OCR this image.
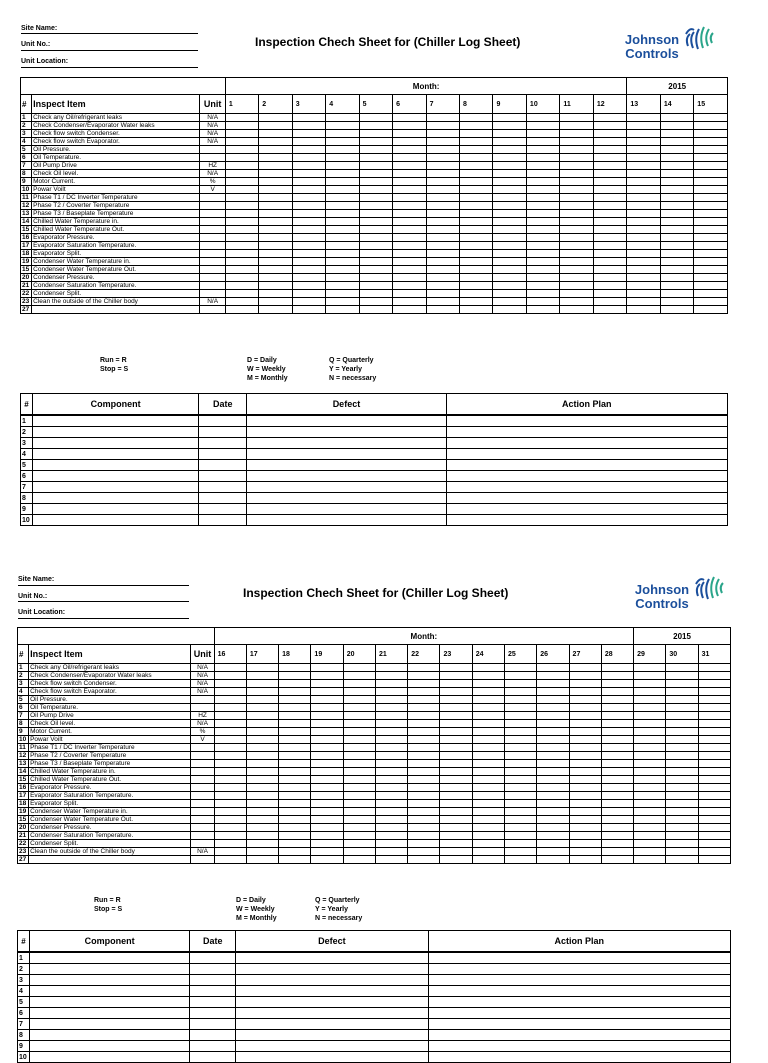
Site Name:
Unit No.:
Unit Location:
Inspection Chech Sheet for (Chiller Log Sheet)	Johnson
Controls
			Month:												2015		
#	Inspect Item	Unit	1	2	3	4	5	6	7	8	9	10	11	12	13	14	15
1	Check any Oil/refrigerant leaks	N/A															
2	Check Condenser/Evaporator Water leaks	N/A															
3	Check flow switch Condenser.	N/A															
4	Check flow switch Evaporator.	N/A															
5	Oil Pressure.																
6	Oil Temperature.																
7	Oil Pump Drive	HZ															
8	Check Oil level.	N/A															
9	Motor Current.	%															
10	Powar Voilt	V															
11	Phase T1 / DC Inverter Temperature																
12	Phase T2 / Coverter Temperature																
13	Phase T3 / Baseplate Temperature																
14	Chilled Water Temperature in.																
15	Chilled Water Temperature Out.																
16	Evaporator Pressure.																
17	Evaporator Saturation Temperature.																
18	Evaporator Split.																
19	Condenser Water Temperature in.																
15	Condenser Water Temperature Out.																
20	Condenser Pressure.																
21	Condenser Saturation Temperature.																
22	Condenser Split.																
23	Clean the outside of the Chiller body	N/A															
27																	
Run = R
Stop = S
D = Daily
W = Weekly
M = Monthly
Q = Quarterly
Y = Yearly
N = necessary
#	Component	Date	Defect	Action Plan
1				
2				
3				
4				
5				
6				
7				
8				
9				
10				
Site Name:
Unit No.:
Unit Location:
Inspection Chech Sheet for (Chiller Log Sheet)	Johnson
Controls
			Month:													2015		
#	Inspect Item	Unit	16	17	18	19	20	21	22	23	24	25	26	27	28	29	30	31
1	Check any Oil/refrigerant leaks	N/A																
2	Check Condenser/Evaporator Water leaks	N/A																
3	Check flow switch Condenser.	N/A																
4	Check flow switch Evaporator.	N/A																
5	Oil Pressure.																	
6	Oil Temperature.																	
7	Oil Pump Drive	HZ																
8	Check Oil level.	N/A																
9	Motor Current.	%																
10	Powar Voilt	V																
11	Phase T1 / DC Inverter Temperature																	
12	Phase T2 / Coverter Temperature																	
13	Phase T3 / Baseplate Temperature																	
14	Chilled Water Temperature in.																	
15	Chilled Water Temperature Out.																	
16	Evaporator Pressure.																	
17	Evaporator Saturation Temperature.																	
18	Evaporator Split.																	
19	Condenser Water Temperature in.																	
15	Condenser Water Temperature Out.																	
20	Condenser Pressure.																	
21	Condenser Saturation Temperature.																	
22	Condenser Split.																	
23	Clean the outside of the Chiller body	N/A																
27																		
Run = R
Stop = S
D = Daily
W = Weekly
M = Monthly
Q = Quarterly
Y = Yearly
N = necessary
#	Component	Date	Defect	Action Plan
1				
2				
3				
4				
5				
6				
7				
8				
9				
10				
